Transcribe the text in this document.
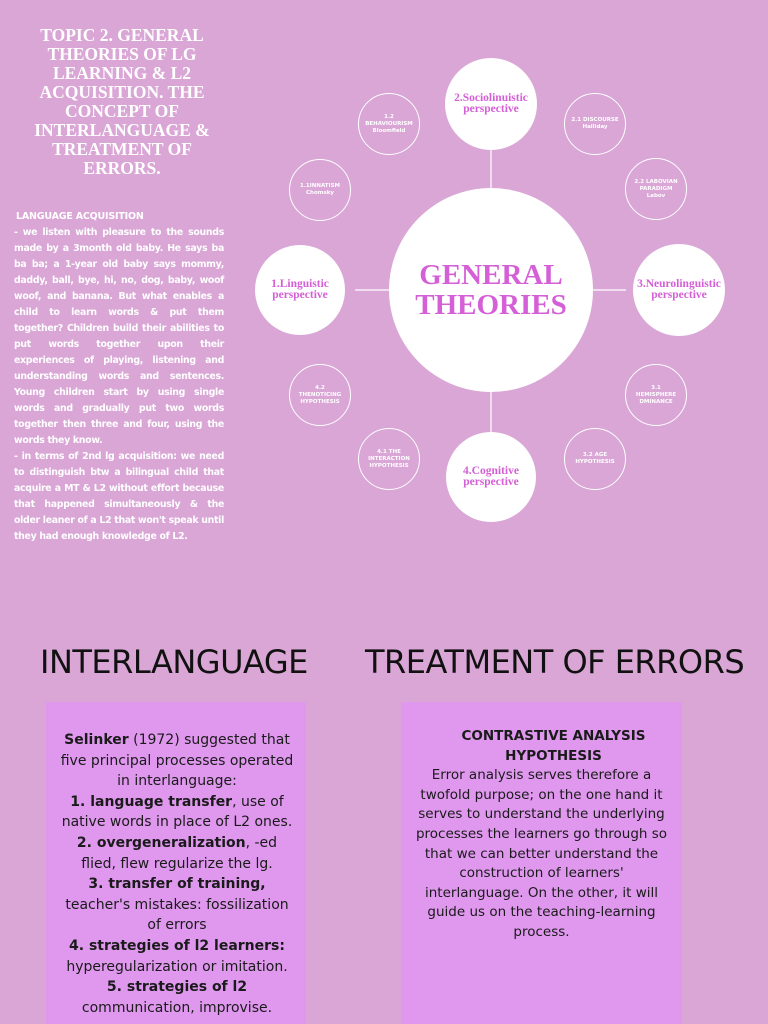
TOPIC 2. GENERAL THEORIES OF LG LEARNING & L2 ACQUISITION. THE CONCEPT OF INTERLANGUAGE & TREATMENT OF ERRORS.
LANGUAGE ACQUISITION

- we listen with pleasure to the sounds made by a 3month old baby. He says ba ba ba; a 1-year old baby says mommy, daddy, ball, bye, hi, no, dog, baby, woof woof, and banana. But what enables a child to learn words & put them together? Children build their abilities to put words together upon their experiences of playing, listening and understanding words and sentences. Young children start by using single words and gradually put two words together then three and four, using the words they know.

- in terms of 2nd lg acquisition: we need to distinguish btw a bilingual child that acquire a MT & L2 without effort because that happened simultaneously & the older leaner of a L2 that won't speak until they had enough knowledge of L2.

GENERAL THEORIES
1.Linguistic perspective
2.Sociolinuistic perspective
3.Neurolinguistic perspective
4.Cognitive perspective
1.1INNATISM Chomsky
1.2 BEHAVIOURISM Bloomfield
2.1 DISCOURSE Halliday
2.2 LABOVIAN PARADIGM Labov
3.1 HEMISPHERE DMINANCE
3.2 AGE HYPOTHESIS
4.1 THE INTERACTION HYPOTHESIS
4.2 THENOTICING HYPOTHESIS
INTERLANGUAGE TREATMENT OF ERRORS

Selinker (1972) suggested that five principal processes operated in interlanguage:

1. language transfer, use of native words in place of L2 ones.

2. overgeneralization, -ed flied, flew regularize the lg.

3. transfer of training, teacher's mistakes: fossilization of errors

4. strategies of l2 learners: hyperegularization or imitation.

5. strategies of l2 communication, improvise.

CONTRASTIVE ANALYSIS HYPOTHESIS

Error analysis serves therefore a twofold purpose; on the one hand it serves to understand the underlying processes the learners go through so that we can better understand the construction of learners' interlanguage. On the other, it will guide us on the teaching-learning process.
